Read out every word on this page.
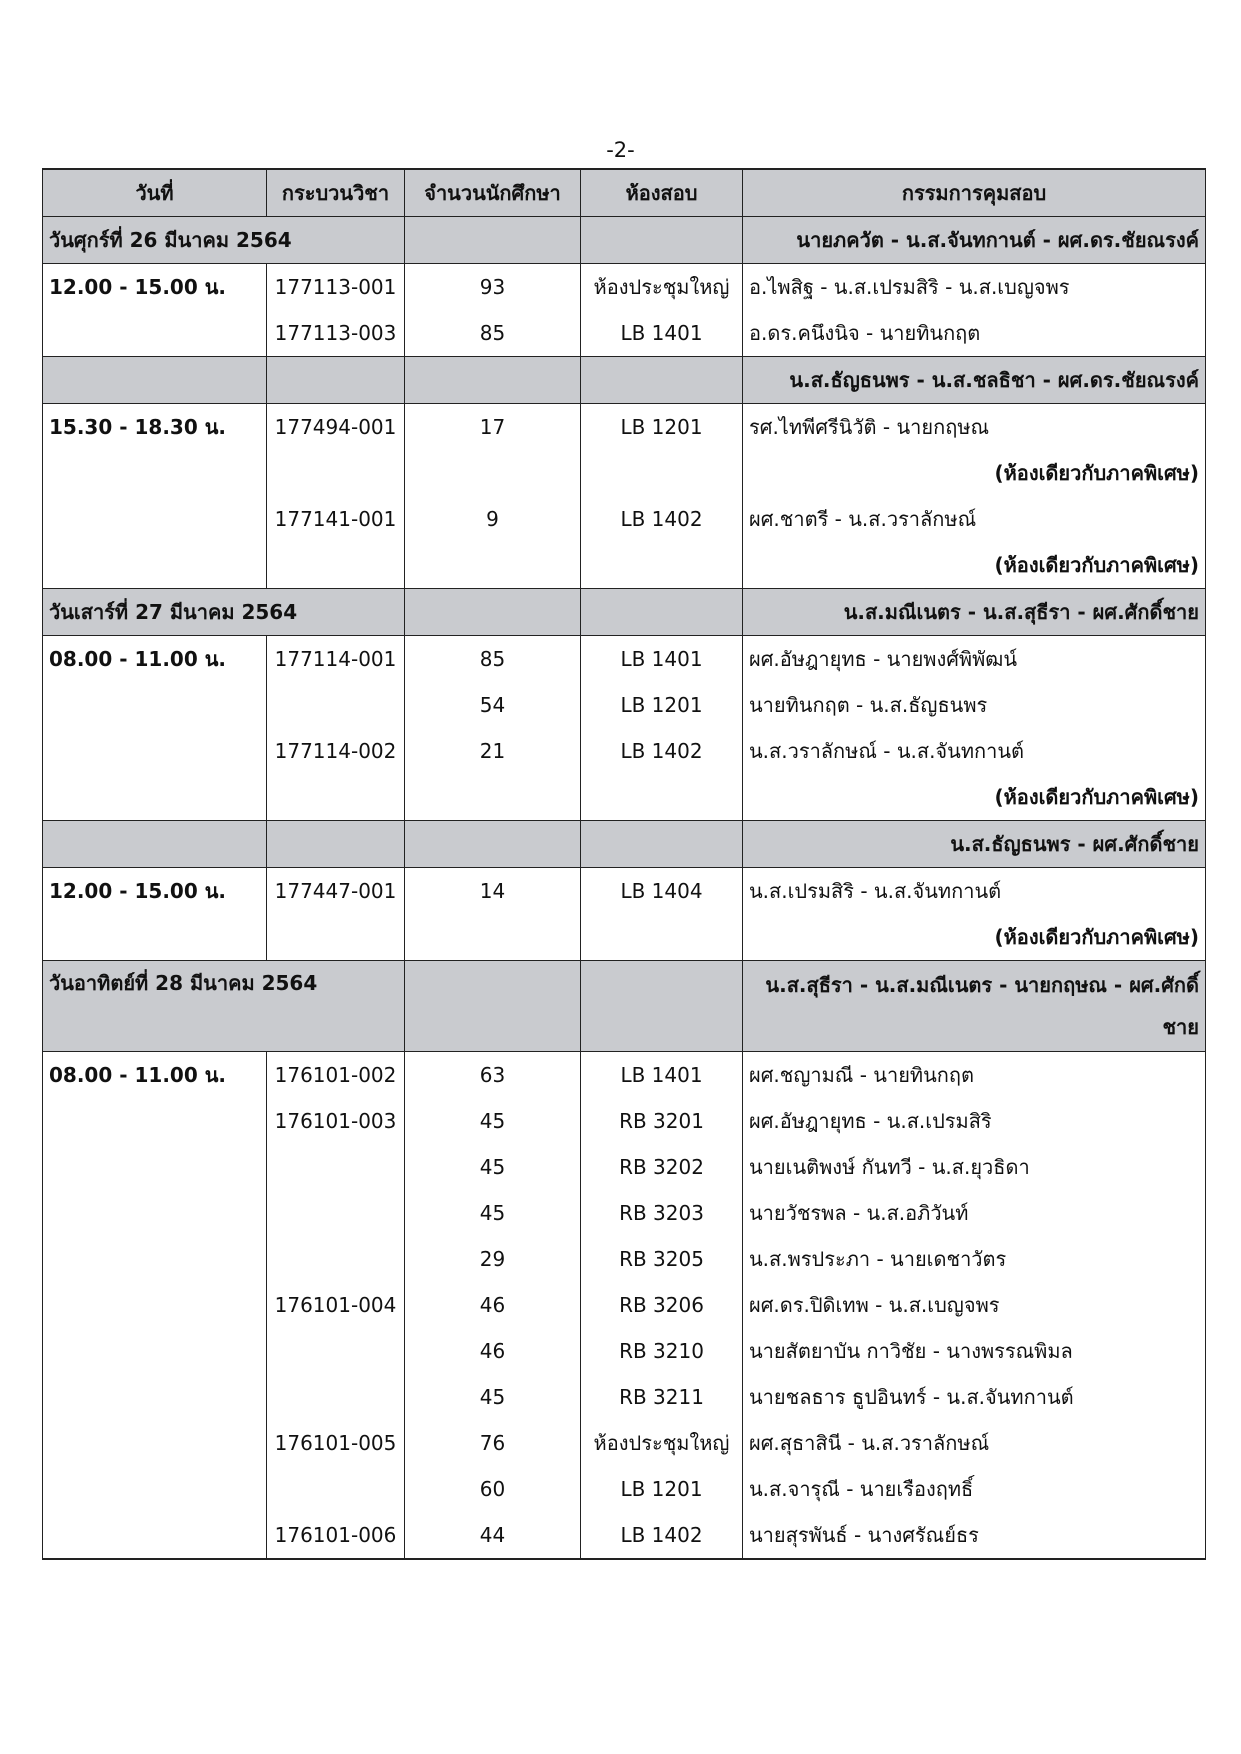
-2-
วันที่	กระบวนวิชา	จำนวนนักศึกษา	ห้องสอบ	กรรมการคุมสอบ
วันศุกร์ที่ 26 มีนาคม 2564				นายภควัต - น.ส.จันทกานต์ - ผศ.ดร.ชัยณรงค์
12.00 - 15.00 น.	177113-001	93	ห้องประชุมใหญ่	อ.ไพสิฐ - น.ส.เปรมสิริ - น.ส.เบญจพร
	177113-003	85	LB 1401	อ.ดร.คนึงนิจ - นายทินกฤต
				น.ส.ธัญธนพร - น.ส.ชลธิชา - ผศ.ดร.ชัยณรงค์
15.30 - 18.30 น.	177494-001	17	LB 1201	รศ.ไทพีศรีนิวัติ - นายกฤษณ
				(ห้องเดียวกับภาคพิเศษ)
	177141-001	9	LB 1402	ผศ.ชาตรี - น.ส.วราลักษณ์
				(ห้องเดียวกับภาคพิเศษ)
วันเสาร์ที่ 27 มีนาคม 2564				น.ส.มณีเนตร - น.ส.สุธีรา - ผศ.ศักดิ์ชาย
08.00 - 11.00 น.	177114-001	85	LB 1401	ผศ.อัษฎายุทธ - นายพงศ์พิพัฒน์
		54	LB 1201	นายทินกฤต - น.ส.ธัญธนพร
	177114-002	21	LB 1402	น.ส.วราลักษณ์ - น.ส.จันทกานต์
				(ห้องเดียวกับภาคพิเศษ)
				น.ส.ธัญธนพร - ผศ.ศักดิ์ชาย
12.00 - 15.00 น.	177447-001	14	LB 1404	น.ส.เปรมสิริ - น.ส.จันทกานต์
				(ห้องเดียวกับภาคพิเศษ)
วันอาทิตย์ที่ 28 มีนาคม 2564				น.ส.สุธีรา - น.ส.มณีเนตร - นายกฤษณ - ผศ.ศักดิ์ชาย
08.00 - 11.00 น.	176101-002	63	LB 1401	ผศ.ชญามณี - นายทินกฤต
	176101-003	45	RB 3201	ผศ.อัษฎายุทธ - น.ส.เปรมสิริ
		45	RB 3202	นายเนติพงษ์ กันทวี - น.ส.ยุวธิดา
		45	RB 3203	นายวัชรพล - น.ส.อภิวันท์
		29	RB 3205	น.ส.พรประภา - นายเดชาวัตร
	176101-004	46	RB 3206	ผศ.ดร.ปิดิเทพ - น.ส.เบญจพร
		46	RB 3210	นายสัตยาบัน กาวิชัย - นางพรรณพิมล
		45	RB 3211	นายชลธาร ธูปอินทร์ - น.ส.จันทกานต์
	176101-005	76	ห้องประชุมใหญ่	ผศ.สุธาสินี - น.ส.วราลักษณ์
		60	LB 1201	น.ส.จารุณี - นายเรืองฤทธิ์
	176101-006	44	LB 1402	นายสุรพันธ์ - นางศรัณย์ธร
